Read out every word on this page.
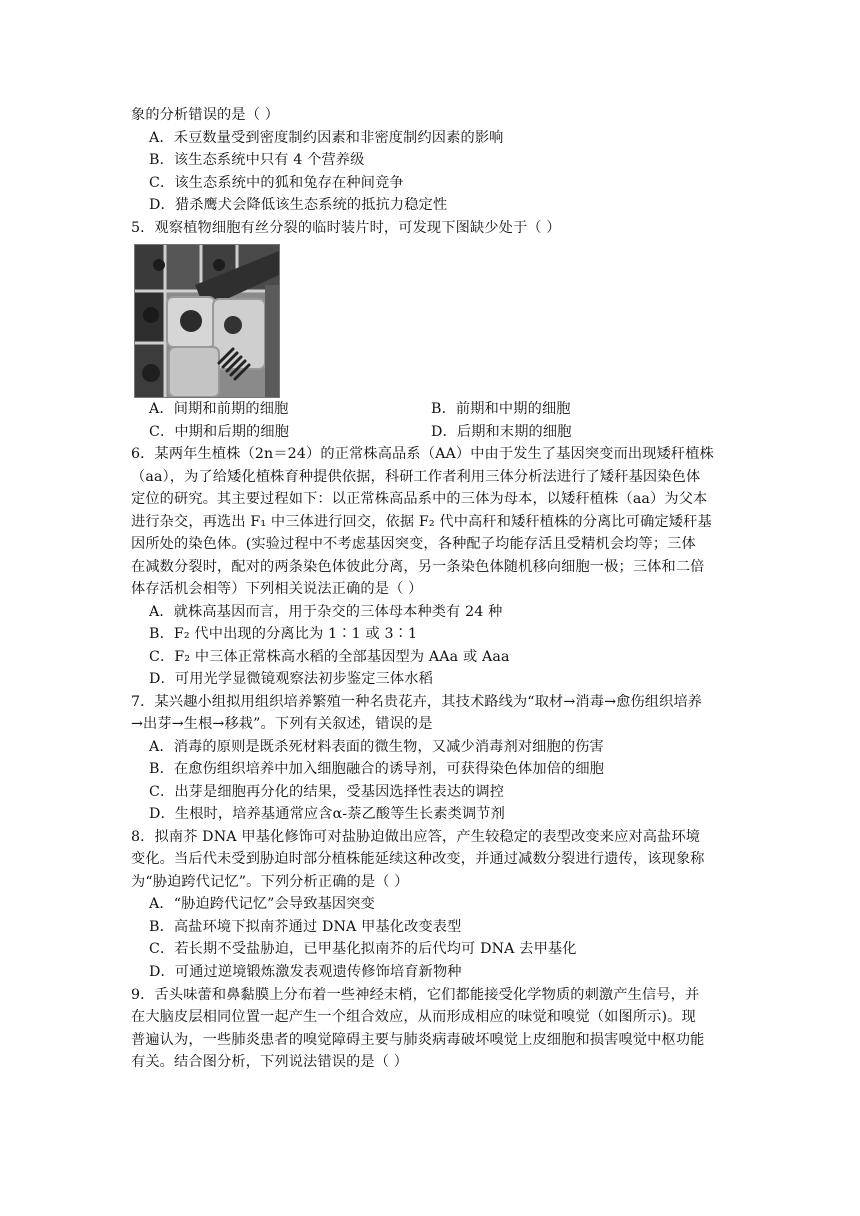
象的分析错误的是（ ）
A．禾豆数量受到密度制约因素和非密度制约因素的影响
B．该生态系统中只有 4 个营养级
C．该生态系统中的狐和兔存在种间竞争
D．猎杀鹰犬会降低该生态系统的抵抗力稳定性
5．观察植物细胞有丝分裂的临时装片时，可发现下图缺少处于（ ）
A．间期和前期的细胞	B．前期和中期的细胞
C．中期和后期的细胞	D．后期和末期的细胞
6．某两年生植株（2n＝24）的正常株高品系（AA）中由于发生了基因突变而出现矮秆植株
（aa），为了给矮化植株育种提供依据，科研工作者利用三体分析法进行了矮秆基因染色体
定位的研究。其主要过程如下：以正常株高品系中的三体为母本，以矮秆植株（aa）为父本
进行杂交，再选出 F₁ 中三体进行回交，依据 F₂ 代中高秆和矮秆植株的分离比可确定矮秆基
因所处的染色体。(实验过程中不考虑基因突变，各种配子均能存活且受精机会均等；三体
在减数分裂时，配对的两条染色体彼此分离，另一条染色体随机移向细胞一极；三体和二倍
体存活机会相等）下列相关说法正确的是（ ）
A．就株高基因而言，用于杂交的三体母本种类有 24 种
B．F₂ 代中出现的分离比为 1∶1 或 3∶1
C．F₂ 中三体正常株高水稻的全部基因型为 AAa 或 Aaa
D．可用光学显微镜观察法初步鉴定三体水稻
7．某兴趣小组拟用组织培养繁殖一种名贵花卉，其技术路线为“取材→消毒→愈伤组织培养
→出芽→生根→移栽”。下列有关叙述，错误的是
A．消毒的原则是既杀死材料表面的微生物，又减少消毒剂对细胞的伤害
B．在愈伤组织培养中加入细胞融合的诱导剂，可获得染色体加倍的细胞
C．出芽是细胞再分化的结果，受基因选择性表达的调控
D．生根时，培养基通常应含α-萘乙酸等生长素类调节剂
8．拟南芥 DNA 甲基化修饰可对盐胁迫做出应答，产生较稳定的表型改变来应对高盐环境
变化。当后代未受到胁迫时部分植株能延续这种改变，并通过减数分裂进行遗传，该现象称
为“胁迫跨代记忆”。下列分析正确的是（ ）
A．“胁迫跨代记忆”会导致基因突变
B．高盐环境下拟南芥通过 DNA 甲基化改变表型
C．若长期不受盐胁迫，已甲基化拟南芥的后代均可 DNA 去甲基化
D．可通过逆境锻炼激发表观遗传修饰培育新物种
9．舌头味蕾和鼻黏膜上分布着一些神经末梢，它们都能接受化学物质的刺激产生信号，并
在大脑皮层相同位置一起产生一个组合效应，从而形成相应的味觉和嗅觉（如图所示)。现
普遍认为，一些肺炎患者的嗅觉障碍主要与肺炎病毒破坏嗅觉上皮细胞和损害嗅觉中枢功能
有关。结合图分析，下列说法错误的是（ ）
